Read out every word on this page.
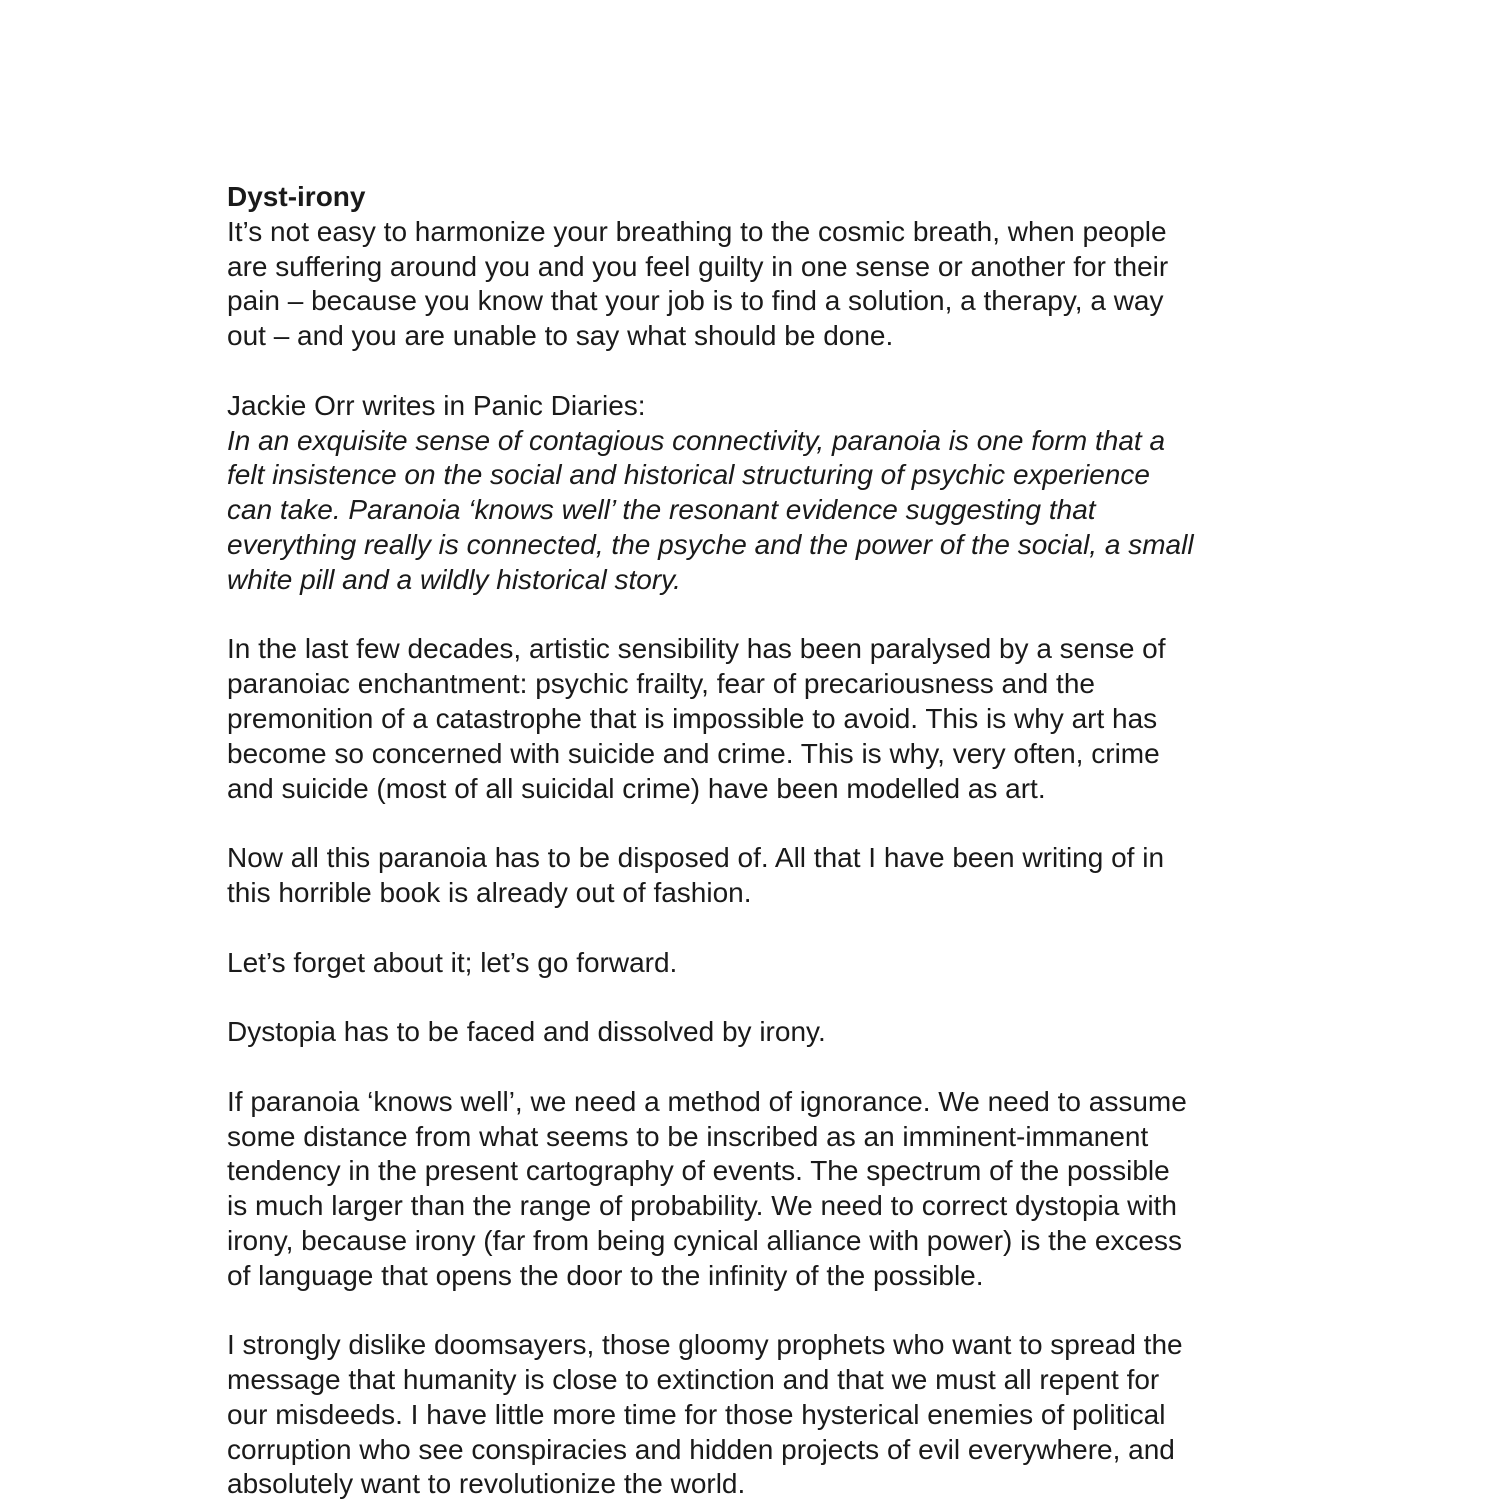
Dyst-irony

It’s not easy to harmonize your breathing to the cosmic breath, when people
are suffering around you and you feel guilty in one sense or another for their
pain – because you know that your job is to find a solution, a therapy, a way
out – and you are unable to say what should be done.

Jackie Orr writes in Panic Diaries:

In an exquisite sense of contagious connectivity, paranoia is one form that a
felt insistence on the social and historical structuring of psychic experience
can take. Paranoia ‘knows well’ the resonant evidence suggesting that
everything really is connected, the psyche and the power of the social, a small
white pill and a wildly historical story.

In the last few decades, artistic sensibility has been paralysed by a sense of
paranoiac enchantment: psychic frailty, fear of precariousness and the
premonition of a catastrophe that is impossible to avoid. This is why art has
become so concerned with suicide and crime. This is why, very often, crime
and suicide (most of all suicidal crime) have been modelled as art.

Now all this paranoia has to be disposed of. All that I have been writing of in
this horrible book is already out of fashion.

Let’s forget about it; let’s go forward.

Dystopia has to be faced and dissolved by irony.

If paranoia ‘knows well’, we need a method of ignorance. We need to assume
some distance from what seems to be inscribed as an imminent-immanent
tendency in the present cartography of events. The spectrum of the possible
is much larger than the range of probability. We need to correct dystopia with
irony, because irony (far from being cynical alliance with power) is the excess
of language that opens the door to the infinity of the possible.

I strongly dislike doomsayers, those gloomy prophets who want to spread the
message that humanity is close to extinction and that we must all repent for
our misdeeds. I have little more time for those hysterical enemies of political
corruption who see conspiracies and hidden projects of evil everywhere, and
absolutely want to revolutionize the world.
